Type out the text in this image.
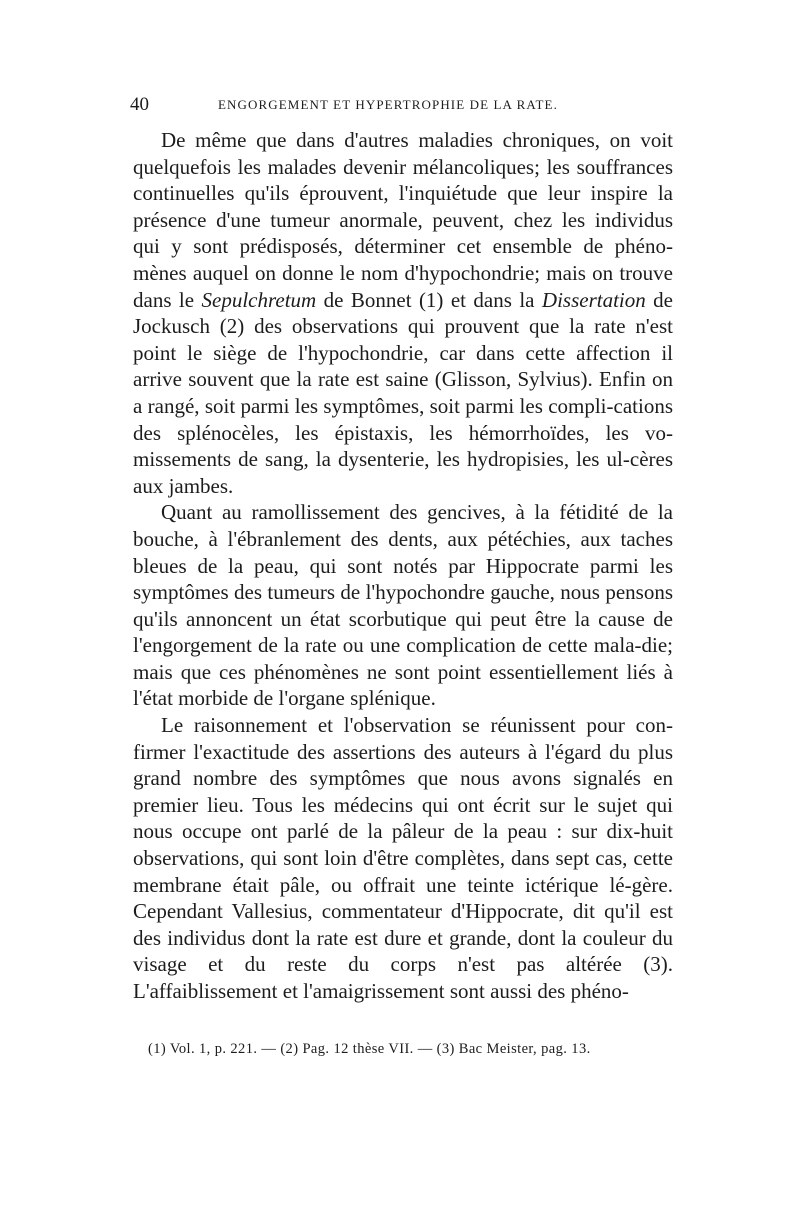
40	ENGORGEMENT ET HYPERTROPHIE DE LA RATE.

De même que dans d'autres maladies chroniques, on voit quelquefois les malades devenir mélancoliques; les souffrances continuelles qu'ils éprouvent, l'inquiétude que leur inspire la présence d'une tumeur anormale, peuvent, chez les individus qui y sont prédisposés, déterminer cet ensemble de phéno-mènes auquel on donne le nom d'hypochondrie; mais on trouve dans le Sepulchretum de Bonnet (1) et dans la Dissertation de Jockusch (2) des observations qui prouvent que la rate n'est point le siège de l'hypochondrie, car dans cette affection il arrive souvent que la rate est saine (Glisson, Sylvius). Enfin on a rangé, soit parmi les symptômes, soit parmi les compli-cations des splénocèles, les épistaxis, les hémorrhoïdes, les vo-missements de sang, la dysenterie, les hydropisies, les ul-cères aux jambes.

Quant au ramollissement des gencives, à la fétidité de la bouche, à l'ébranlement des dents, aux pétéchies, aux taches bleues de la peau, qui sont notés par Hippocrate parmi les symptômes des tumeurs de l'hypochondre gauche, nous pensons qu'ils annoncent un état scorbutique qui peut être la cause de l'engorgement de la rate ou une complication de cette mala-die; mais que ces phénomènes ne sont point essentiellement liés à l'état morbide de l'organe splénique.

Le raisonnement et l'observation se réunissent pour con-firmer l'exactitude des assertions des auteurs à l'égard du plus grand nombre des symptômes que nous avons signalés en premier lieu. Tous les médecins qui ont écrit sur le sujet qui nous occupe ont parlé de la pâleur de la peau : sur dix-huit observations, qui sont loin d'être complètes, dans sept cas, cette membrane était pâle, ou offrait une teinte ictérique lé-gère. Cependant Vallesius, commentateur d'Hippocrate, dit qu'il est des individus dont la rate est dure et grande, dont la couleur du visage et du reste du corps n'est pas altérée (3). L'affaiblissement et l'amaigrissement sont aussi des phéno-

(1) Vol. 1, p. 221. — (2) Pag. 12 thèse VII. — (3) Bac Meister, pag. 13.
